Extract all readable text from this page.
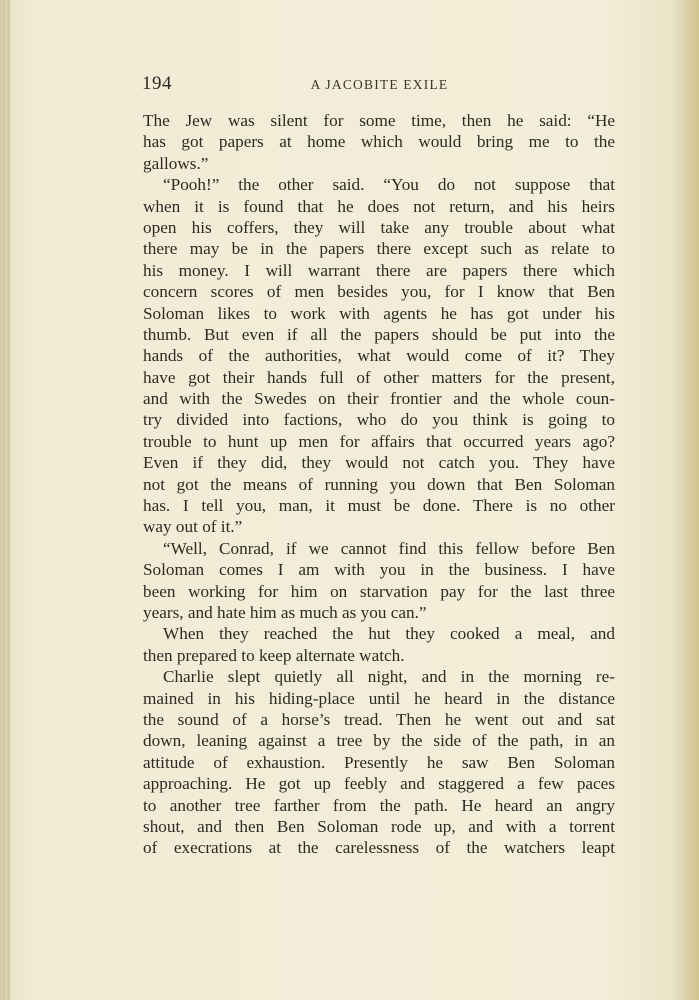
194	A JACOBITE EXILE
The Jew was silent for some time, then he said: “He
has got papers at home which would bring me to the
gallows.”
“Pooh!” the other said. “You do not suppose that
when it is found that he does not return, and his heirs
open his coffers, they will take any trouble about what
there may be in the papers there except such as relate to
his money. I will warrant there are papers there which
concern scores of men besides you, for I know that Ben
Soloman likes to work with agents he has got under his
thumb. But even if all the papers should be put into the
hands of the authorities, what would come of it? They
have got their hands full of other matters for the present,
and with the Swedes on their frontier and the whole coun-
try divided into factions, who do you think is going to
trouble to hunt up men for affairs that occurred years ago?
Even if they did, they would not catch you. They have
not got the means of running you down that Ben Soloman
has. I tell you, man, it must be done. There is no other
way out of it.”
“Well, Conrad, if we cannot find this fellow before Ben
Soloman comes I am with you in the business. I have
been working for him on starvation pay for the last three
years, and hate him as much as you can.”
When they reached the hut they cooked a meal, and
then prepared to keep alternate watch.
Charlie slept quietly all night, and in the morning re-
mained in his hiding-place until he heard in the distance
the sound of a horse’s tread. Then he went out and sat
down, leaning against a tree by the side of the path, in an
attitude of exhaustion. Presently he saw Ben Soloman
approaching. He got up feebly and staggered a few paces
to another tree farther from the path. He heard an angry
shout, and then Ben Soloman rode up, and with a torrent
of execrations at the carelessness of the watchers leapt
